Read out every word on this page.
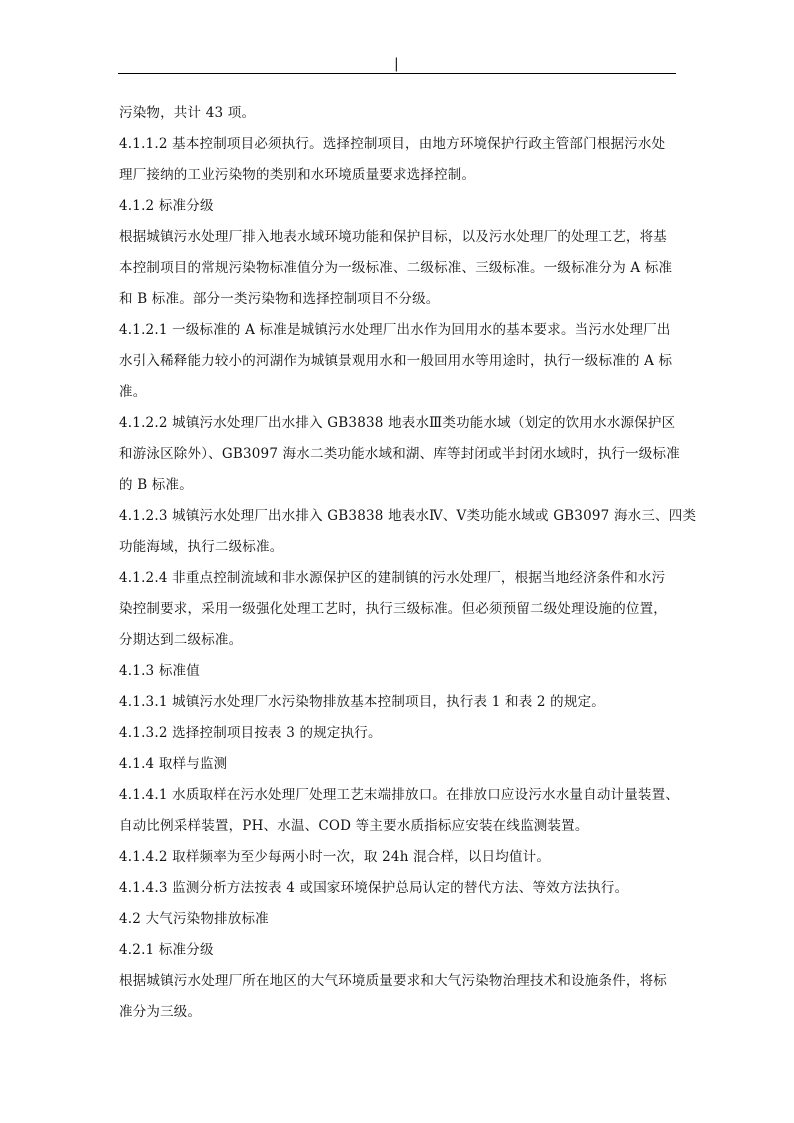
|
污染物，共计 43 项。
4.1.1.2 基本控制项目必须执行。选择控制项目，由地方环境保护行政主管部门根据污水处
理厂接纳的工业污染物的类别和水环境质量要求选择控制。
4.1.2 标准分级
根据城镇污水处理厂排入地表水域环境功能和保护目标，以及污水处理厂的处理工艺，将基
本控制项目的常规污染物标准值分为一级标准、二级标准、三级标准。一级标准分为 A 标准
和 B 标准。部分一类污染物和选择控制项目不分级。
4.1.2.1 一级标准的 A 标准是城镇污水处理厂出水作为回用水的基本要求。当污水处理厂出
水引入稀释能力较小的河湖作为城镇景观用水和一般回用水等用途时，执行一级标准的 A 标
准。
4.1.2.2 城镇污水处理厂出水排入 GB3838 地表水Ⅲ类功能水域（划定的饮用水水源保护区
和游泳区除外）、GB3097 海水二类功能水域和湖、库等封闭或半封闭水域时，执行一级标准
的 B 标准。
4.1.2.3 城镇污水处理厂出水排入 GB3838 地表水Ⅳ、Ⅴ类功能水域或 GB3097 海水三、四类
功能海域，执行二级标准。
4.1.2.4 非重点控制流域和非水源保护区的建制镇的污水处理厂，根据当地经济条件和水污
染控制要求，采用一级强化处理工艺时，执行三级标准。但必须预留二级处理设施的位置，
分期达到二级标准。
4.1.3 标准值
4.1.3.1 城镇污水处理厂水污染物排放基本控制项目，执行表 1 和表 2 的规定。
4.1.3.2 选择控制项目按表 3 的规定执行。
4.1.4 取样与监测
4.1.4.1 水质取样在污水处理厂处理工艺末端排放口。在排放口应设污水水量自动计量装置、
自动比例采样装置，PH、水温、COD 等主要水质指标应安装在线监测装置。
4.1.4.2 取样频率为至少每两小时一次，取 24h 混合样，以日均值计。
4.1.4.3 监测分析方法按表 4 或国家环境保护总局认定的替代方法、等效方法执行。
4.2 大气污染物排放标准
4.2.1 标准分级
根据城镇污水处理厂所在地区的大气环境质量要求和大气污染物治理技术和设施条件，将标
准分为三级。
